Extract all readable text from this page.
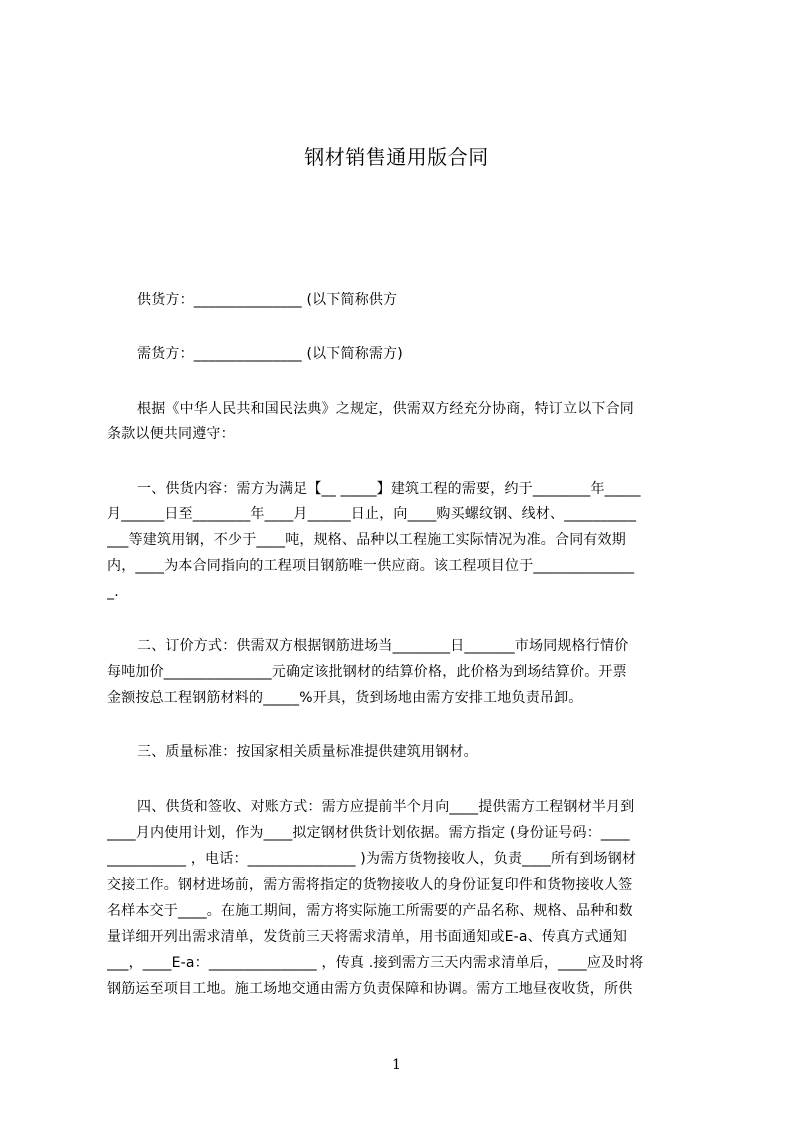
钢材销售通用版合同
供货方：_______________ (以下简称供方
需货方：_______________ (以下简称需方)
根据《中华人民共和国民法典》之规定，供需双方经充分协商，特订立以下合同
条款以便共同遵守：
一、供货内容：需方为满足【__ _____】建筑工程的需要，约于________年_____
月______日至________年____月______日止，向____购买螺纹钢、线材、__________
___等建筑用钢，不少于____吨，规格、品种以工程施工实际情况为准。合同有效期
内，____为本合同指向的工程项目钢筋唯一供应商。该工程项目位于______________
_.
二、订价方式：供需双方根据钢筋进场当________日_______市场同规格行情价
每吨加价_______________元确定该批钢材的结算价格，此价格为到场结算价。开票
金额按总工程钢筋材料的_____%开具，货到场地由需方安排工地负责吊卸。
三、质量标准：按国家相关质量标准提供建筑用钢材。
四、供货和签收、对账方式：需方应提前半个月向____提供需方工程钢材半月到
____月内使用计划，作为____拟定钢材供货计划依据。需方指定 (身份证号码：____
___________ ，电话：_______________ )为需方货物接收人，负责____所有到场钢材
交接工作。钢材进场前，需方需将指定的货物接收人的身份证复印件和货物接收人签
名样本交于____。在施工期间，需方将实际施工所需要的产品名称、规格、品种和数
量详细开列出需求清单，发货前三天将需求清单，用书面通知或E-a、传真方式通知
___，____E-a：_______________ ，传真 .接到需方三天内需求清单后，____应及时将
钢筋运至项目工地。施工场地交通由需方负责保障和协调。需方工地昼夜收货，所供
1
